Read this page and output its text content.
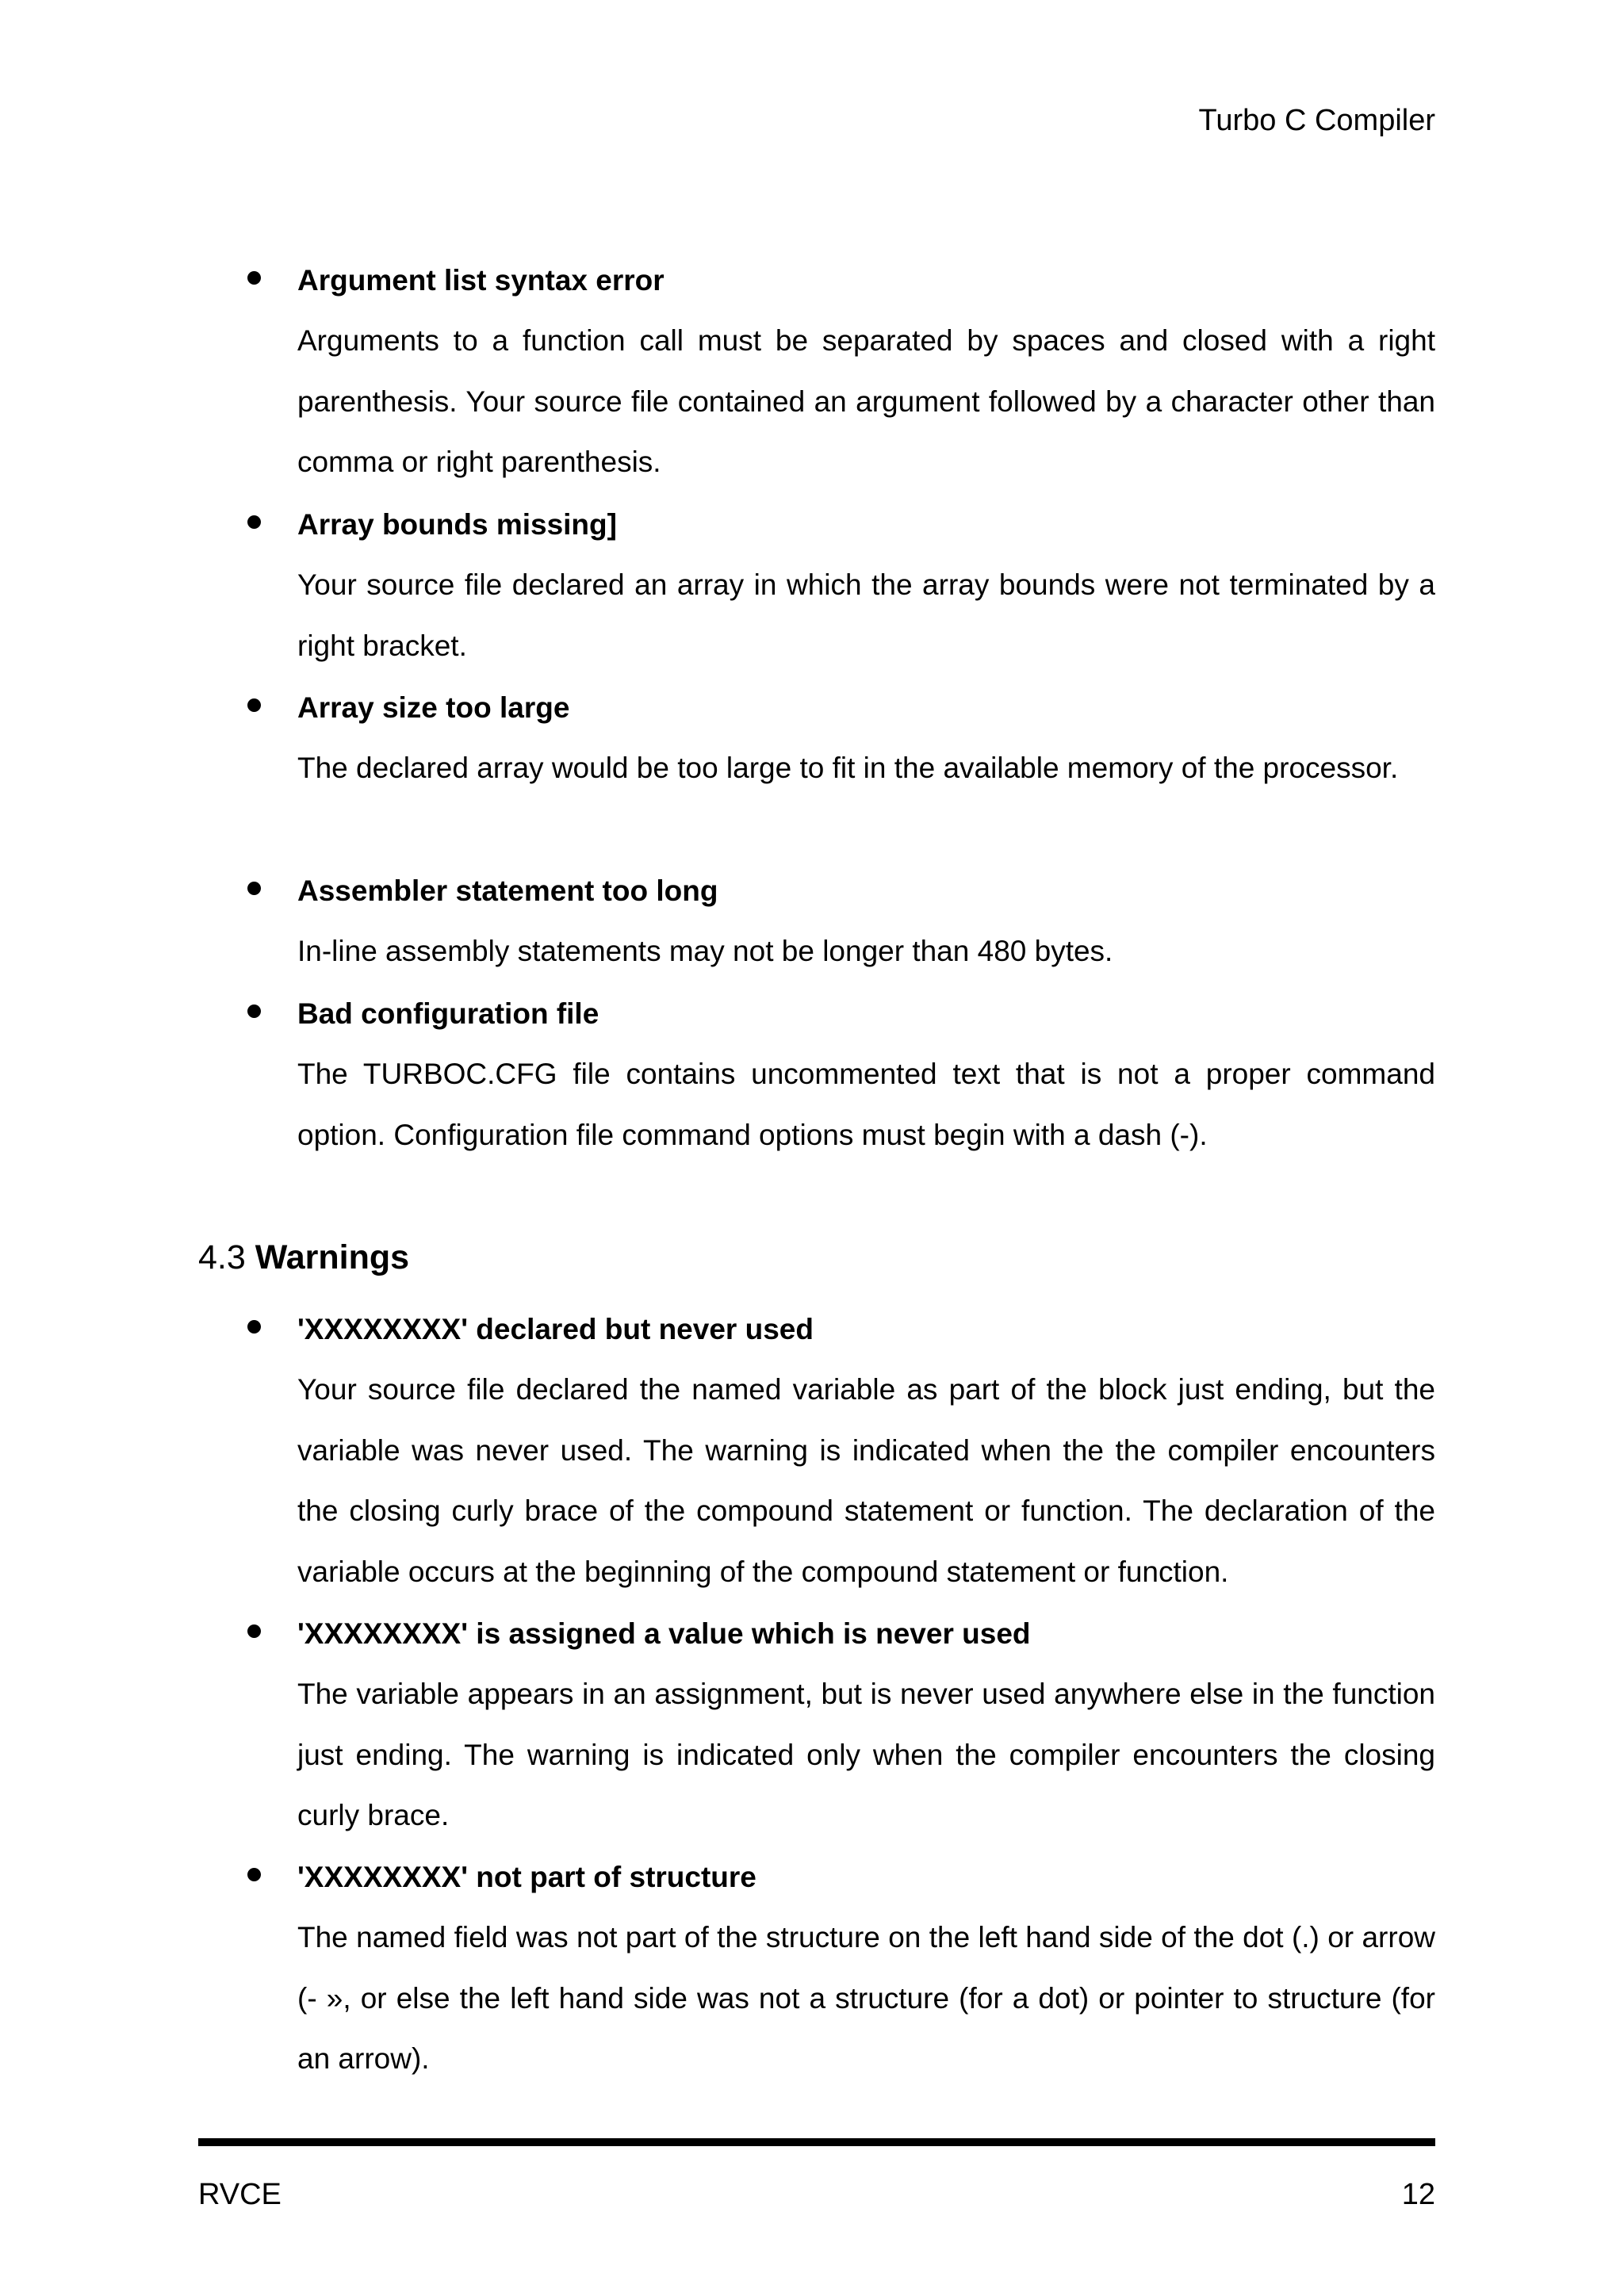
Turbo C Compiler
Argument list syntax error

Arguments to a function call must be separated by spaces and closed with a right parenthesis. Your source file contained an argument followed by a character other than comma or right parenthesis.

Array bounds missing]

Your source file declared an array in which the array bounds were not terminated by a right bracket.

Array size too large

The declared array would be too large to fit in the available memory of the processor.

Assembler statement too long

In-line assembly statements may not be longer than 480 bytes.

Bad configuration file

The TURBOC.CFG file contains uncommented text that is not a proper command option. Configuration file command options must begin with a dash (-).

4.3 Warnings
'XXXXXXXX' declared but never used

Your source file declared the named variable as part of the block just ending, but the variable was never used. The warning is indicated when the the compiler encounters the closing curly brace of the compound statement or function. The declaration of the variable occurs at the beginning of the compound statement or function.

'XXXXXXXX' is assigned a value which is never used

The variable appears in an assignment, but is never used anywhere else in the function just ending. The warning is indicated only when the compiler encounters the closing curly brace.

'XXXXXXXX' not part of structure

The named field was not part of the structure on the left hand side of the dot (.) or arrow (- », or else the left hand side was not a structure (for a dot) or pointer to structure (for an arrow).

RVCE	12
